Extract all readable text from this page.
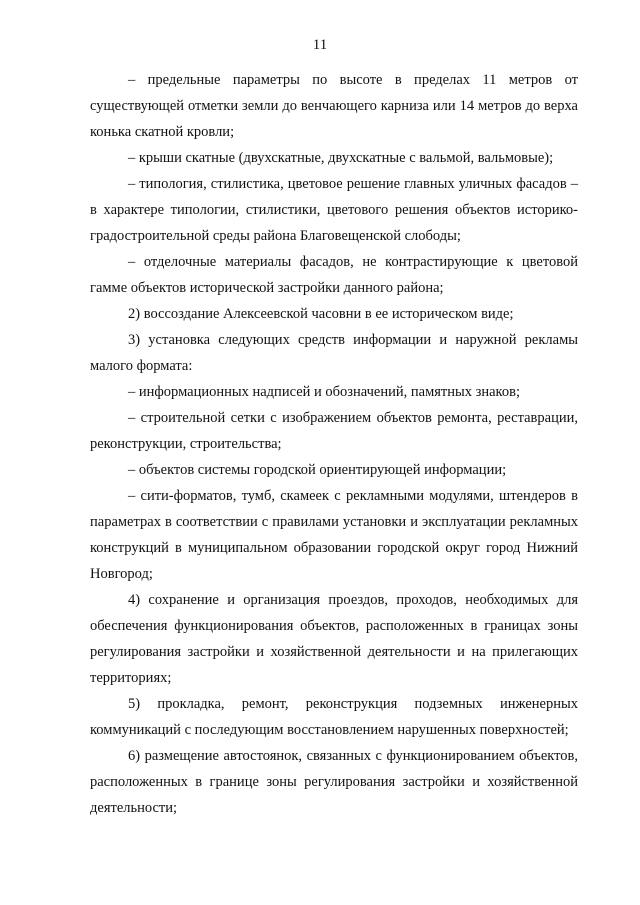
11

– предельные параметры по высоте в пределах 11 метров от существующей отметки земли до венчающего карниза или 14 метров до верха конька скатной кровли;

– крыши скатные (двухскатные, двухскатные с вальмой, вальмовые);

– типология, стилистика, цветовое решение главных уличных фасадов – в характере типологии, стилистики, цветового решения объектов историко-градостроительной среды района Благовещенской слободы;

– отделочные материалы фасадов, не контрастирующие к цветовой гамме объектов исторической застройки данного района;

2) воссоздание Алексеевской часовни в ее историческом виде;

3) установка следующих средств информации и наружной рекламы малого формата:

– информационных надписей и обозначений, памятных знаков;

– строительной сетки с изображением объектов ремонта, реставрации, реконструкции, строительства;

– объектов системы городской ориентирующей информации;

– сити-форматов, тумб, скамеек с рекламными модулями, штендеров в параметрах в соответствии с правилами установки и эксплуатации рекламных конструкций в муниципальном образовании городской округ город Нижний Новгород;

4) сохранение и организация проездов, проходов, необходимых для обеспечения функционирования объектов, расположенных в границах зоны регулирования застройки и хозяйственной деятельности и на прилегающих территориях;

5) прокладка, ремонт, реконструкция подземных инженерных коммуникаций с последующим восстановлением нарушенных поверхностей;

6) размещение автостоянок, связанных с функционированием объектов, расположенных в границе зоны регулирования застройки и хозяйственной деятельности;
